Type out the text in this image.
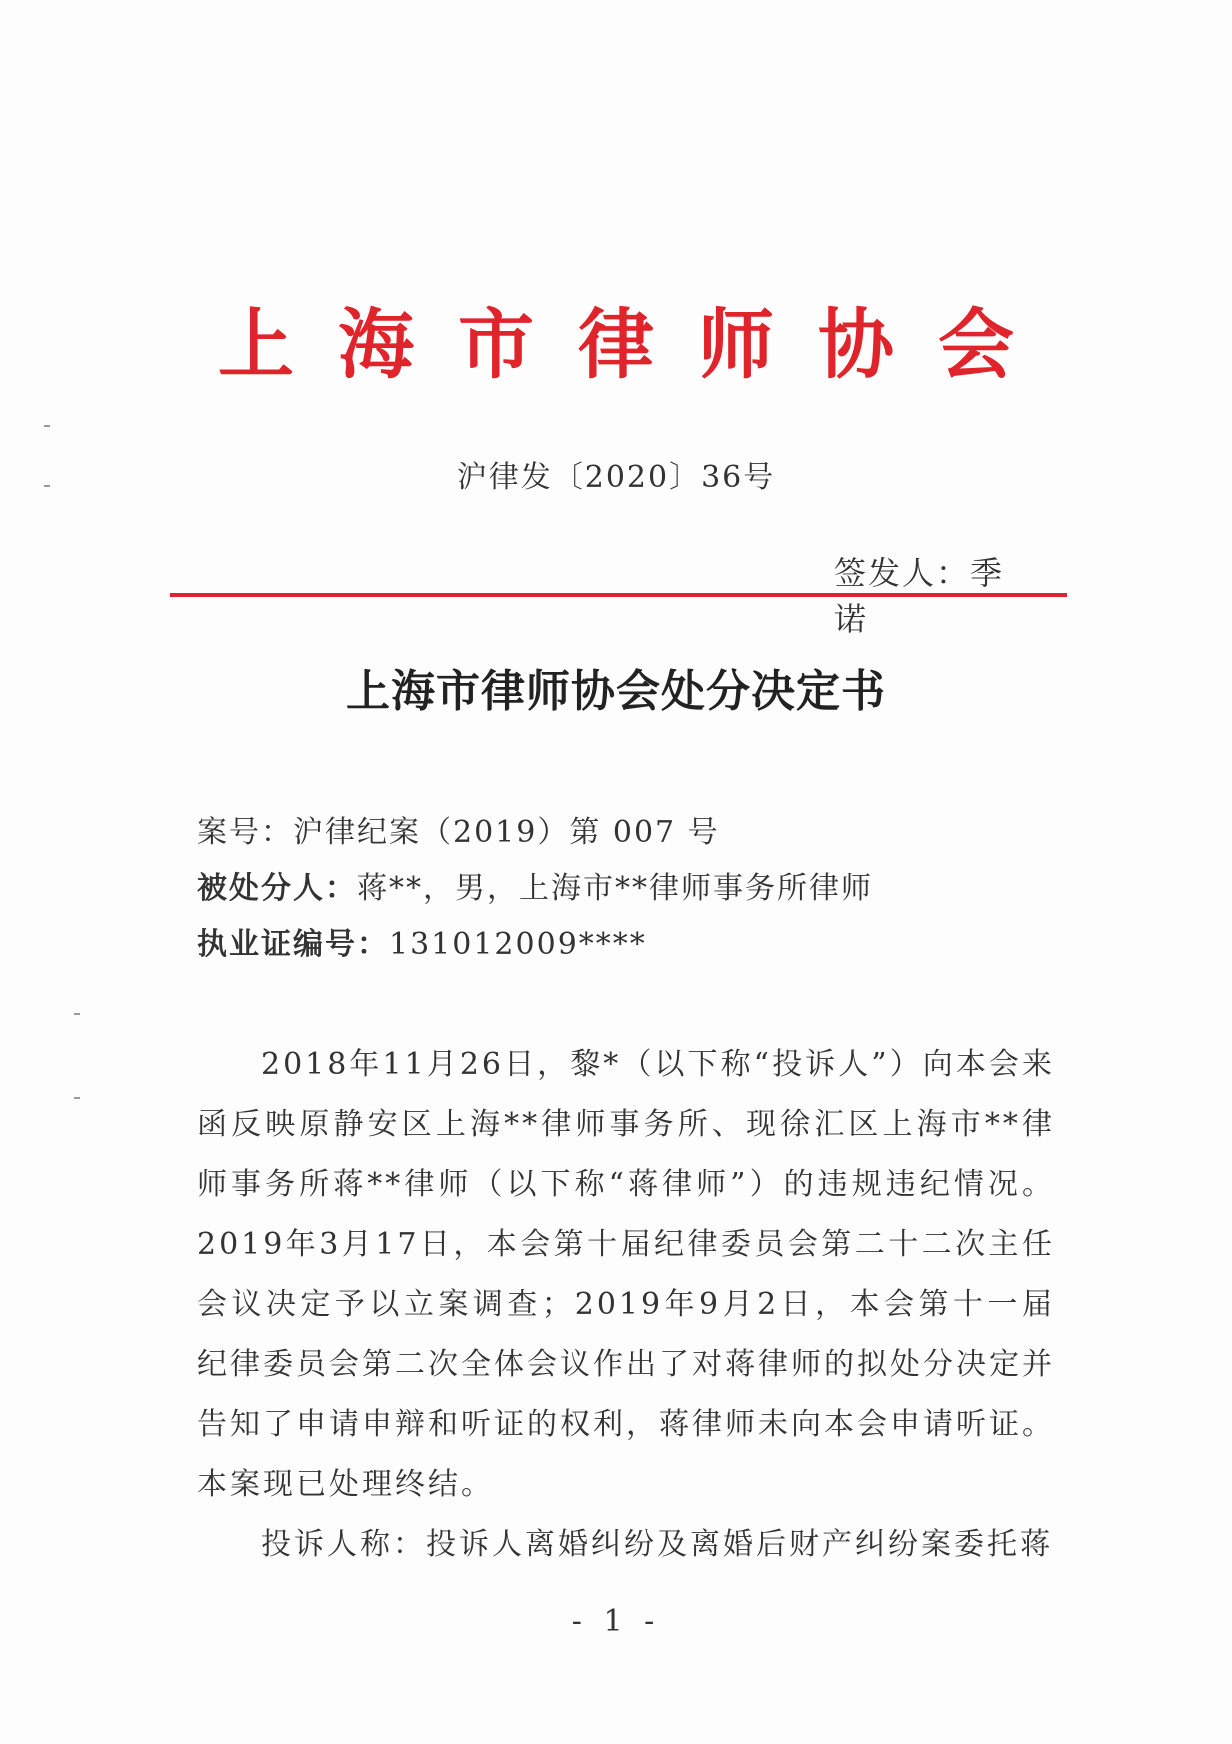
上海市律师协会
沪律发〔2020〕36号
签发人：季诺
上海市律师协会处分决定书
案号：沪律纪案（2019）第 007 号
被处分人：蒋**，男，上海市**律师事务所律师
执业证编号：131012009****

2018年11月26日，黎*（以下称“投诉人”）向本会来函反映原静安区上海**律师事务所、现徐汇区上海市**律师事务所蒋**律师（以下称“蒋律师”）的违规违纪情况。2019年3月17日，本会第十届纪律委员会第二十二次主任会议决定予以立案调查；2019年9月2日，本会第十一届纪律委员会第二次全体会议作出了对蒋律师的拟处分决定并告知了申请申辩和听证的权利，蒋律师未向本会申请听证。本案现已处理终结。

投诉人称：投诉人离婚纠纷及离婚后财产纠纷案委托蒋

- 1 -
